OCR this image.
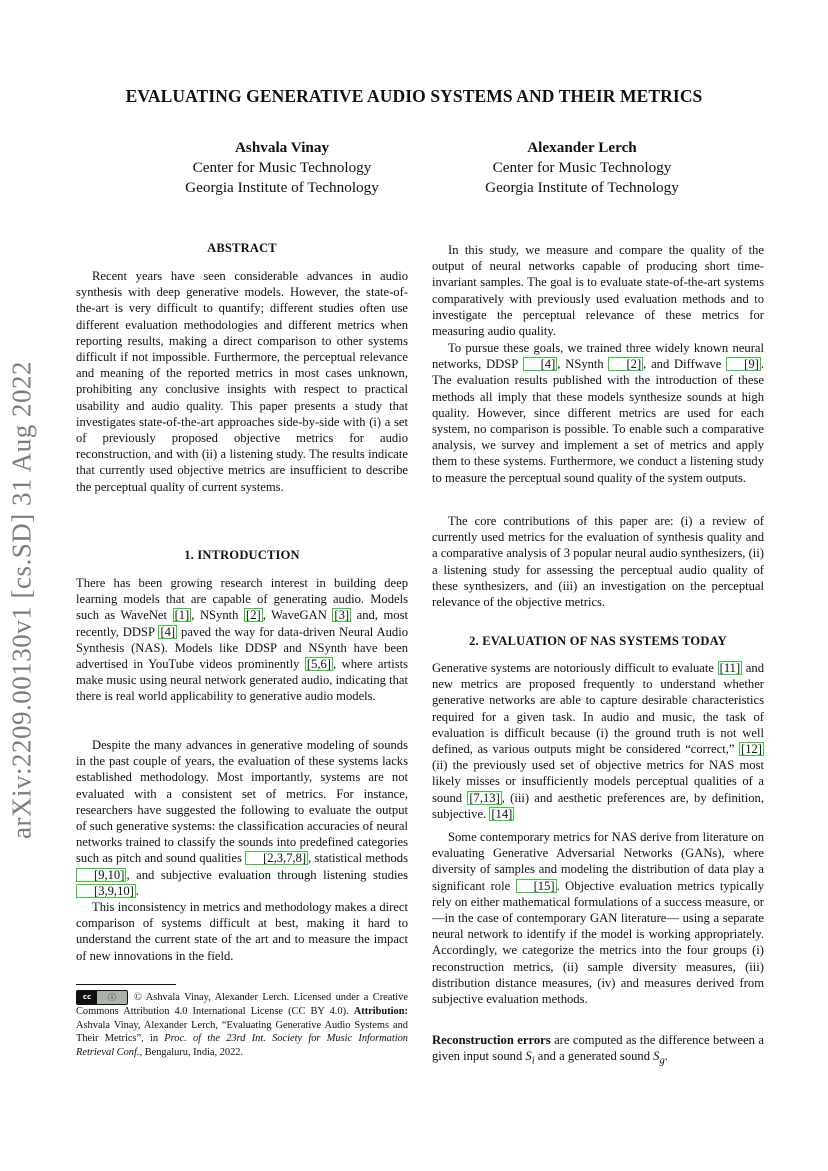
arXiv:2209.00130v1 [cs.SD] 31 Aug 2022
EVALUATING GENERATIVE AUDIO SYSTEMS AND THEIR METRICS
Ashvala Vinay
Center for Music Technology
Georgia Institute of Technology
Alexander Lerch
Center for Music Technology
Georgia Institute of Technology
ABSTRACT

Recent years have seen considerable advances in audio synthesis with deep generative models. However, the state-of-the-art is very difficult to quantify; different studies often use different evaluation methodologies and different metrics when reporting results, making a direct comparison to other systems difficult if not impossible. Furthermore, the perceptual relevance and meaning of the reported metrics in most cases unknown, prohibiting any conclusive insights with respect to practical usability and audio quality. This paper presents a study that investigates state-of-the-art approaches side-by-side with (i) a set of previously proposed objective metrics for audio reconstruction, and with (ii) a listening study. The results indicate that currently used objective metrics are insufficient to describe the perceptual quality of current systems.

1. INTRODUCTION

There has been growing research interest in building deep learning models that are capable of generating audio. Models such as WaveNet [1] , NSynth [2] , WaveGAN [3] and, most recently, DDSP [4] paved the way for data-driven Neural Audio Synthesis (NAS). Models like DDSP and NSynth have been advertised in YouTube videos prominently [5,6] , where artists make music using neural network generated audio, indicating that there is real world applicability to generative audio models.

Despite the many advances in generative modeling of sounds in the past couple of years, the evaluation of these systems lacks established methodology. Most importantly, systems are not evaluated with a consistent set of metrics. For instance, researchers have suggested the following to evaluate the output of such generative systems: the classification accuracies of neural networks trained to classify the sounds into predefined categories such as pitch and sound qualities [2,3,7,8] , statistical methods [9,10] , and subjective evaluation through listening studies [3,9,10] .

This inconsistency in metrics and methodology makes a direct comparison of systems difficult at best, making it hard to understand the current state of the art and to measure the impact of new innovations in the field.

cc	ⓘ	© Ashvala Vinay, Alexander Lerch. Licensed under a Creative Commons Attribution 4.0 International License (CC BY 4.0). Attribution: Ashvala Vinay, Alexander Lerch, “Evaluating Generative Audio Systems and Their Metrics”, in Proc. of the 23rd Int. Society for Music Information Retrieval Conf., Bengaluru, India, 2022.

In this study, we measure and compare the quality of the output of neural networks capable of producing short time-invariant samples. The goal is to evaluate state-of-the-art systems comparatively with previously used evaluation methods and to investigate the perceptual relevance of these metrics for measuring audio quality.

To pursue these goals, we trained three widely known neural networks, DDSP [4] , NSynth [2] , and Diffwave [9] . The evaluation results published with the introduction of these methods all imply that these models synthesize sounds at high quality. However, since different metrics are used for each system, no comparison is possible. To enable such a comparative analysis, we survey and implement a set of metrics and apply them to these systems. Furthermore, we conduct a listening study to measure the perceptual sound quality of the system outputs.

The core contributions of this paper are: (i) a review of currently used metrics for the evaluation of synthesis quality and a comparative analysis of 3 popular neural audio synthesizers, (ii) a listening study for assessing the perceptual audio quality of these synthesizers, and (iii) an investigation on the perceptual relevance of the objective metrics.

2. EVALUATION OF NAS SYSTEMS TODAY

Generative systems are notoriously difficult to evaluate [11] and new metrics are proposed frequently to understand whether generative networks are able to capture desirable characteristics required for a given task. In audio and music, the task of evaluation is difficult because (i) the ground truth is not well defined, as various outputs might be considered “correct,” [12] (ii) the previously used set of objective metrics for NAS most likely misses or insufficiently models perceptual qualities of a sound [7,13] , (iii) and aesthetic preferences are, by definition, subjective. [14]

Some contemporary metrics for NAS derive from literature on evaluating Generative Adversarial Networks (GANs), where diversity of samples and modeling the distribution of data play a significant role [15] . Objective evaluation metrics typically rely on either mathematical formulations of a success measure, or —in the case of contemporary GAN literature— using a separate neural network to identify if the model is working appropriately. Accordingly, we categorize the metrics into the four groups (i) reconstruction metrics, (ii) sample diversity measures, (iii) distribution distance measures, (iv) and measures derived from subjective evaluation methods.

Reconstruction errors are computed as the difference between a given input sound $S_i$ and a generated sound $S_g$.
